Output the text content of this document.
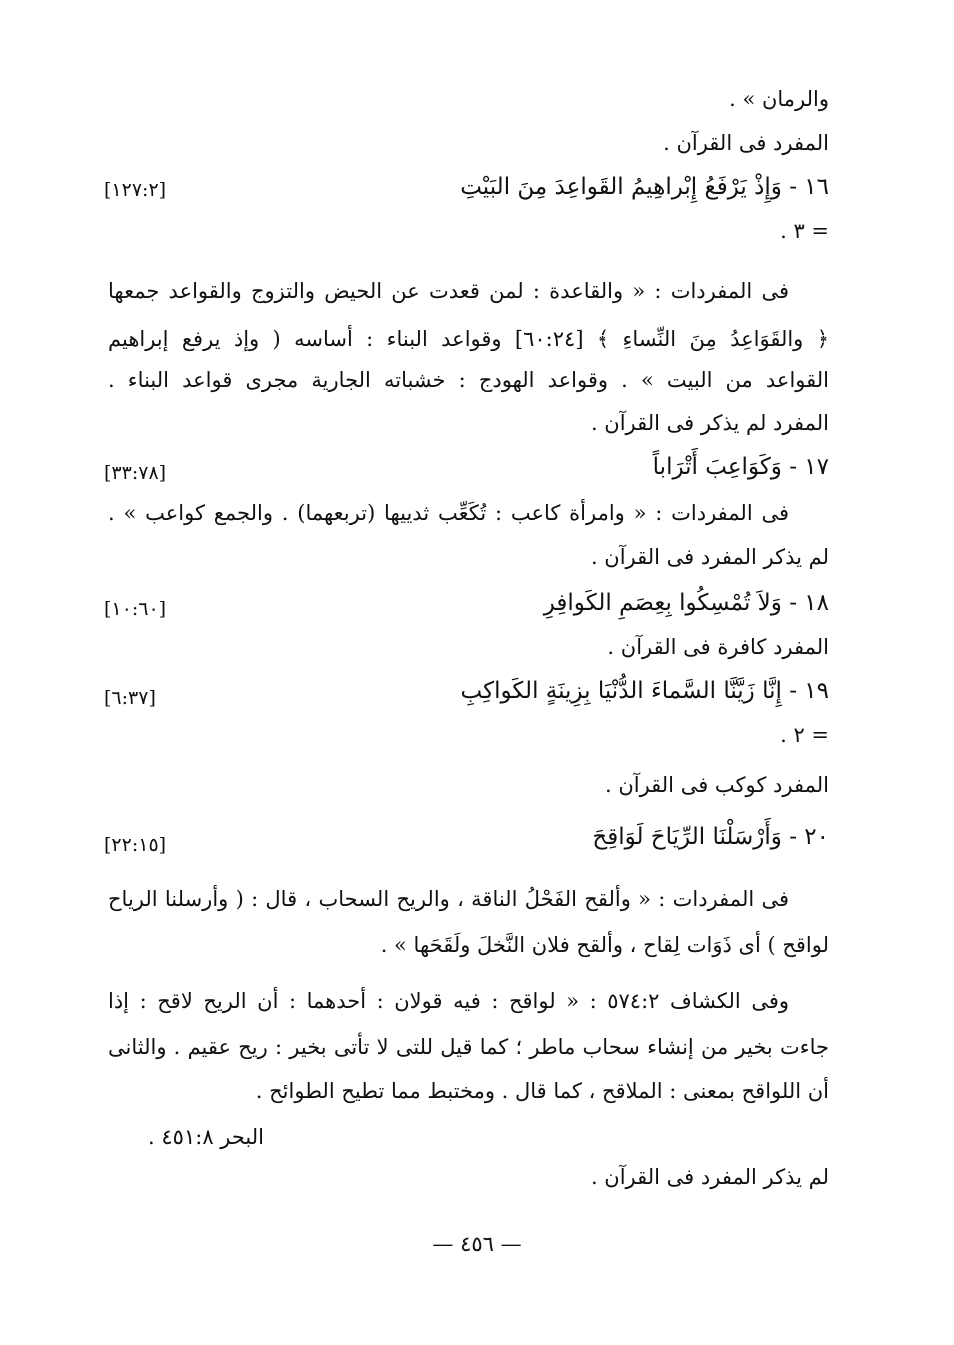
والرمان » .
المفرد فى القرآن .
١٦ - وَإِذْ يَرْفَعُ إِبْراهِيمُ القَواعِدَ مِنَ البَيْتِ
[١٢٧:٢]
= ٣ .
فى المفردات : « والقاعدة : لمن قعدت عن الحيض والتزوج والقواعد جمعها
﴿ والقَوَاعِدُ مِنَ النِّساءِ ﴾ [٦٠:٢٤] وقواعد البناء : أساسه ( وإذ يرفع إبراهيم
القواعد من البيت » . وقواعد الهودج : خشباته الجارية مجرى قواعد البناء .
المفرد لم يذكر فى القرآن .
١٧ - وَكَوَاعِبَ أَتْرَاباً
[٣٣:٧٨]
فى المفردات : « وامرأة كاعب : تُكَعِّب ثدييها (تربعهما) . والجمع كواعب » .
لم يذكر المفرد فى القرآن .
١٨ - وَلاَ تُمْسِكُوا بِعِصَمِ الكَوافِرِ
[١٠:٦٠]
المفرد كافرة فى القرآن .
١٩ - إِنَّا زَيَّنَّا السَّماءَ الدُّنْيَا بِزِينَةٍ الكَواكِبِ
[٦:٣٧]
= ٢ .
المفرد كوكب فى القرآن .
٢٠ - وَأَرْسَلْنَا الرِّيَاحَ لَوَاقِحَ
[٢٢:١٥]
فى المفردات : « وألقح الفَحْلُ الناقة ، والريح السحاب ، قال : ( وأرسلنا الرياح
لواقح ) أى ذَوَات لِقاح ، وألقح فلان النَّخلَ ولَقَحَها » .
وفى الكشاف ٥٧٤:٢ : « لواقح : فيه قولان : أحدهما : أن الريح لاقح : إذا
جاءت بخير من إنشاء سحاب ماطر ؛ كما قيل للتى لا تأتى بخير : ريح عقيم . والثانى
أن اللواقح بمعنى : الملاقح ، كما قال . ومختبط مما تطيح الطوائح .
البحر ٤٥١:٨ .
لم يذكر المفرد فى القرآن .
— ٤٥٦ —
